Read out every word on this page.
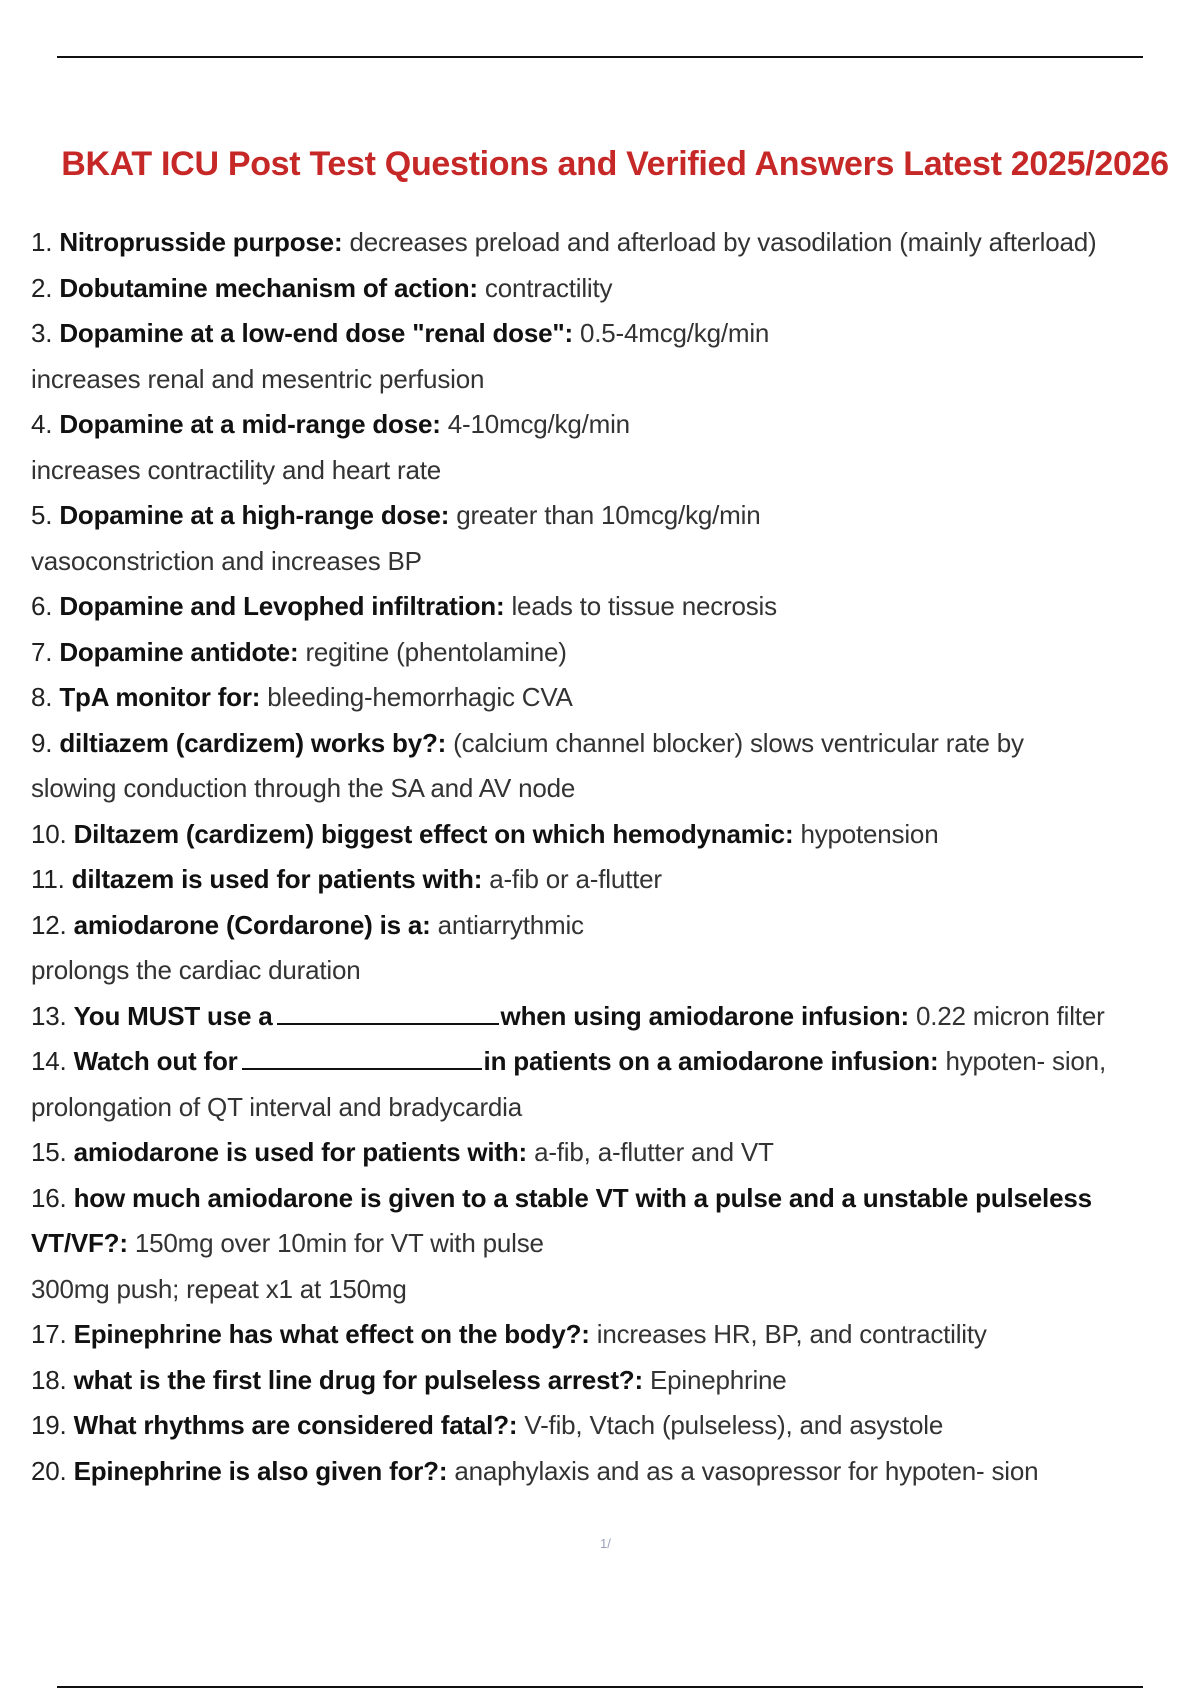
BKAT ICU Post Test Questions and Verified Answers Latest 2025/2026
1. Nitroprusside purpose: decreases preload and afterload by vasodilation (mainly afterload)
2. Dobutamine mechanism of action: contractility
3. Dopamine at a low-end dose "renal dose": 0.5-4mcg/kg/min
increases renal and mesentric perfusion
4. Dopamine at a mid-range dose: 4-10mcg/kg/min
increases contractility and heart rate
5. Dopamine at a high-range dose: greater than 10mcg/kg/min
vasoconstriction and increases BP
6. Dopamine and Levophed infiltration: leads to tissue necrosis
7. Dopamine antidote: regitine (phentolamine)
8. TpA monitor for: bleeding-hemorrhagic CVA
9. diltiazem (cardizem) works by?: (calcium channel blocker) slows ventricular rate by
slowing conduction through the SA and AV node
10. Diltazem (cardizem) biggest effect on which hemodynamic: hypotension
11. diltazem is used for patients with: a-fib or a-flutter
12. amiodarone (Cordarone) is a: antiarrythmic
prolongs the cardiac duration
13. You MUST use a	when using amiodarone infusion: 0.22 micron filter
14. Watch out for	in patients on a amiodarone infusion: hypoten- sion,
prolongation of QT interval and bradycardia
15. amiodarone is used for patients with: a-fib, a-flutter and VT
16. how much amiodarone is given to a stable VT with a pulse and a unstable pulseless
VT/VF?: 150mg over 10min for VT with pulse
300mg push; repeat x1 at 150mg
17. Epinephrine has what effect on the body?: increases HR, BP, and contractility
18. what is the first line drug for pulseless arrest?: Epinephrine
19. What rhythms are considered fatal?: V-fib, Vtach (pulseless), and asystole
20. Epinephrine is also given for?: anaphylaxis and as a vasopressor for hypoten- sion
1/
